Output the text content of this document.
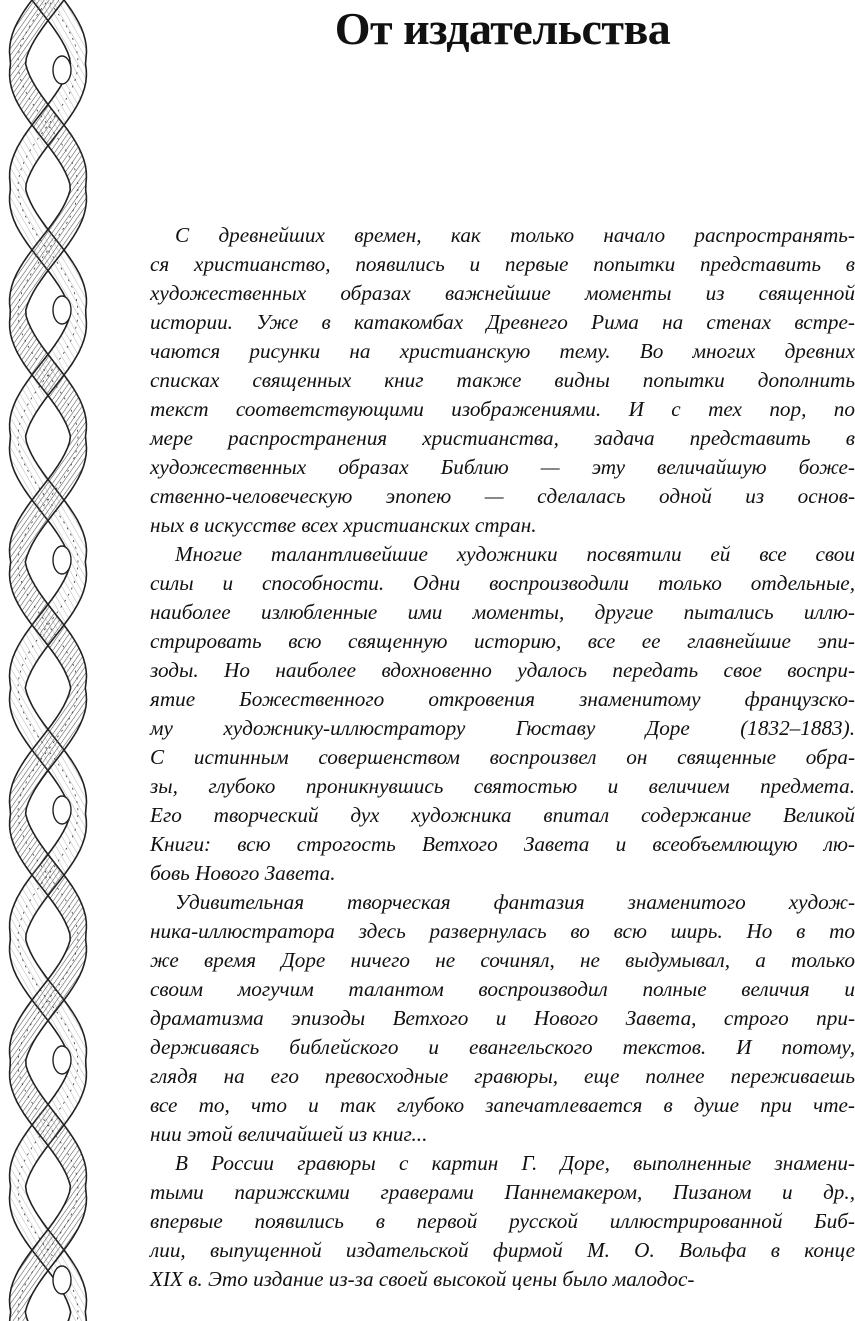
От издательства

С древнейших времен, как только начало распространять-
ся христианство, появились и первые попытки представить в
художественных образах важнейшие моменты из священной
истории. Уже в катакомбах Древнего Рима на стенах встре-
чаются рисунки на христианскую тему. Во многих древних
списках священных книг также видны попытки дополнить
текст соответствующими изображениями. И с тех пор, по
мере распространения христианства, задача представить в
художественных образах Библию — эту величайшую боже-
ственно-человеческую эпопею — сделалась одной из основ-
ных в искусстве всех христианских стран.

Многие талантливейшие художники посвятили ей все свои
силы и способности. Одни воспроизводили только отдельные,
наиболее излюбленные ими моменты, другие пытались иллю-
стрировать всю священную историю, все ее главнейшие эпи-
зоды. Но наиболее вдохновенно удалось передать свое воспри-
ятие Божественного откровения знаменитому французско-
му художнику-иллюстратору Гюставу Доре (1832–1883).
С истинным совершенством воспроизвел он священные обра-
зы, глубоко проникнувшись святостью и величием предмета.
Его творческий дух художника впитал содержание Великой
Книги: всю строгость Ветхого Завета и всеобъемлющую лю-
бовь Нового Завета.

Удивительная творческая фантазия знаменитого худож-
ника-иллюстратора здесь развернулась во всю ширь. Но в то
же время Доре ничего не сочинял, не выдумывал, а только
своим могучим талантом воспроизводил полные величия и
драматизма эпизоды Ветхого и Нового Завета, строго при-
держиваясь библейского и евангельского текстов. И потому,
глядя на его превосходные гравюры, еще полнее переживаешь
все то, что и так глубоко запечатлевается в душе при чте-
нии этой величайшей из книг...

В России гравюры с картин Г. Доре, выполненные знамени-
тыми парижскими граверами Паннемакером, Пизаном и др.,
впервые появились в первой русской иллюстрированной Биб-
лии, выпущенной издательской фирмой М. О. Вольфа в конце
XIX в. Это издание из-за своей высокой цены было малодос-
